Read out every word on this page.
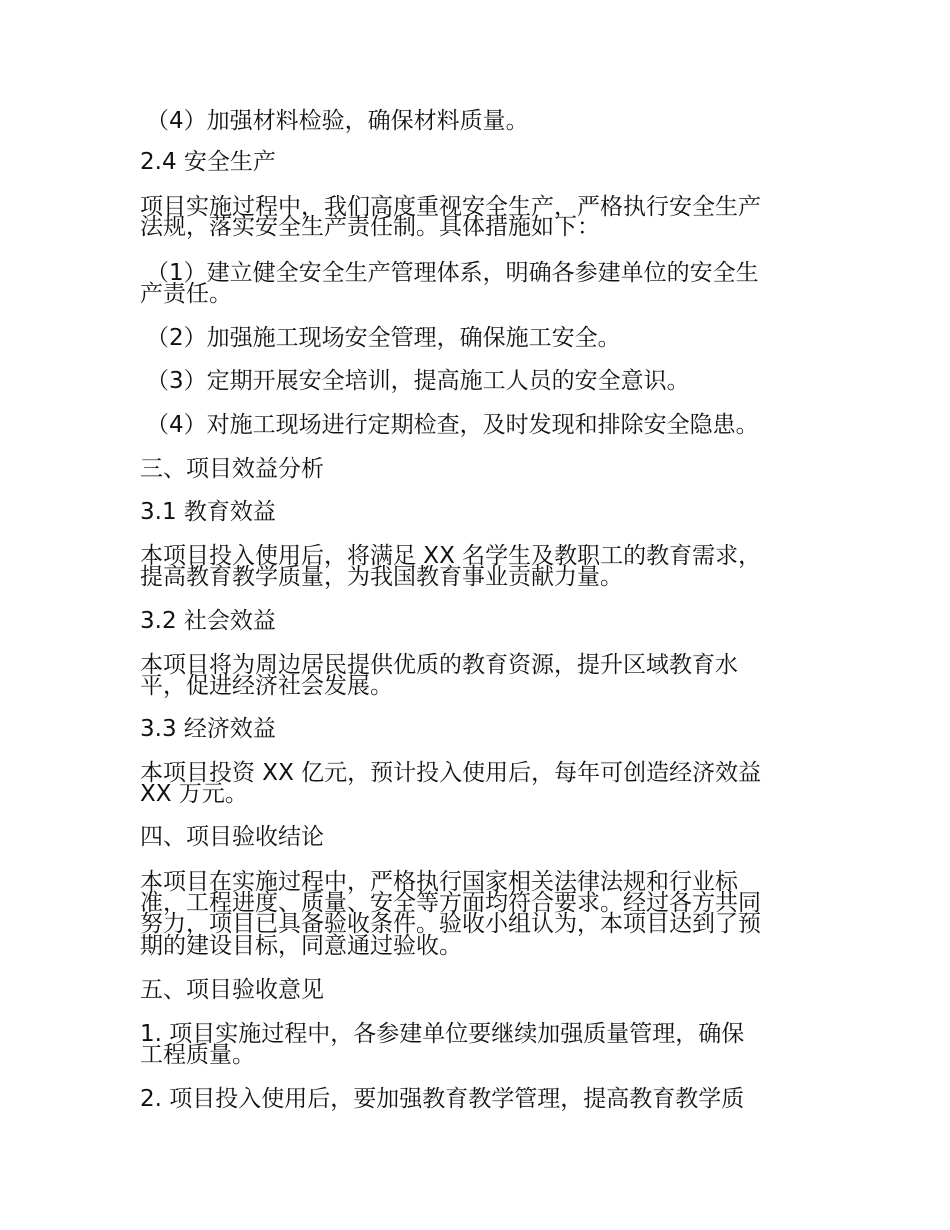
（4）加强材料检验，确保材料质量。
2.4 安全生产
项目实施过程中，我们高度重视安全生产，严格执行安全生产
法规，落实安全生产责任制。具体措施如下：
（1）建立健全安全生产管理体系，明确各参建单位的安全生
产责任。
（2）加强施工现场安全管理，确保施工安全。
（3）定期开展安全培训，提高施工人员的安全意识。
（4）对施工现场进行定期检查，及时发现和排除安全隐患。
三、项目效益分析
3.1 教育效益
本项目投入使用后，将满足 XX 名学生及教职工的教育需求，
提高教育教学质量，为我国教育事业贡献力量。
3.2 社会效益
本项目将为周边居民提供优质的教育资源，提升区域教育水
平，促进经济社会发展。
3.3 经济效益
本项目投资 XX 亿元，预计投入使用后，每年可创造经济效益
XX 万元。
四、项目验收结论
本项目在实施过程中，严格执行国家相关法律法规和行业标
准，工程进度、质量、安全等方面均符合要求。经过各方共同
努力，项目已具备验收条件。验收小组认为，本项目达到了预
期的建设目标，同意通过验收。
五、项目验收意见
1. 项目实施过程中，各参建单位要继续加强质量管理，确保
工程质量。
2. 项目投入使用后，要加强教育教学管理，提高教育教学质
